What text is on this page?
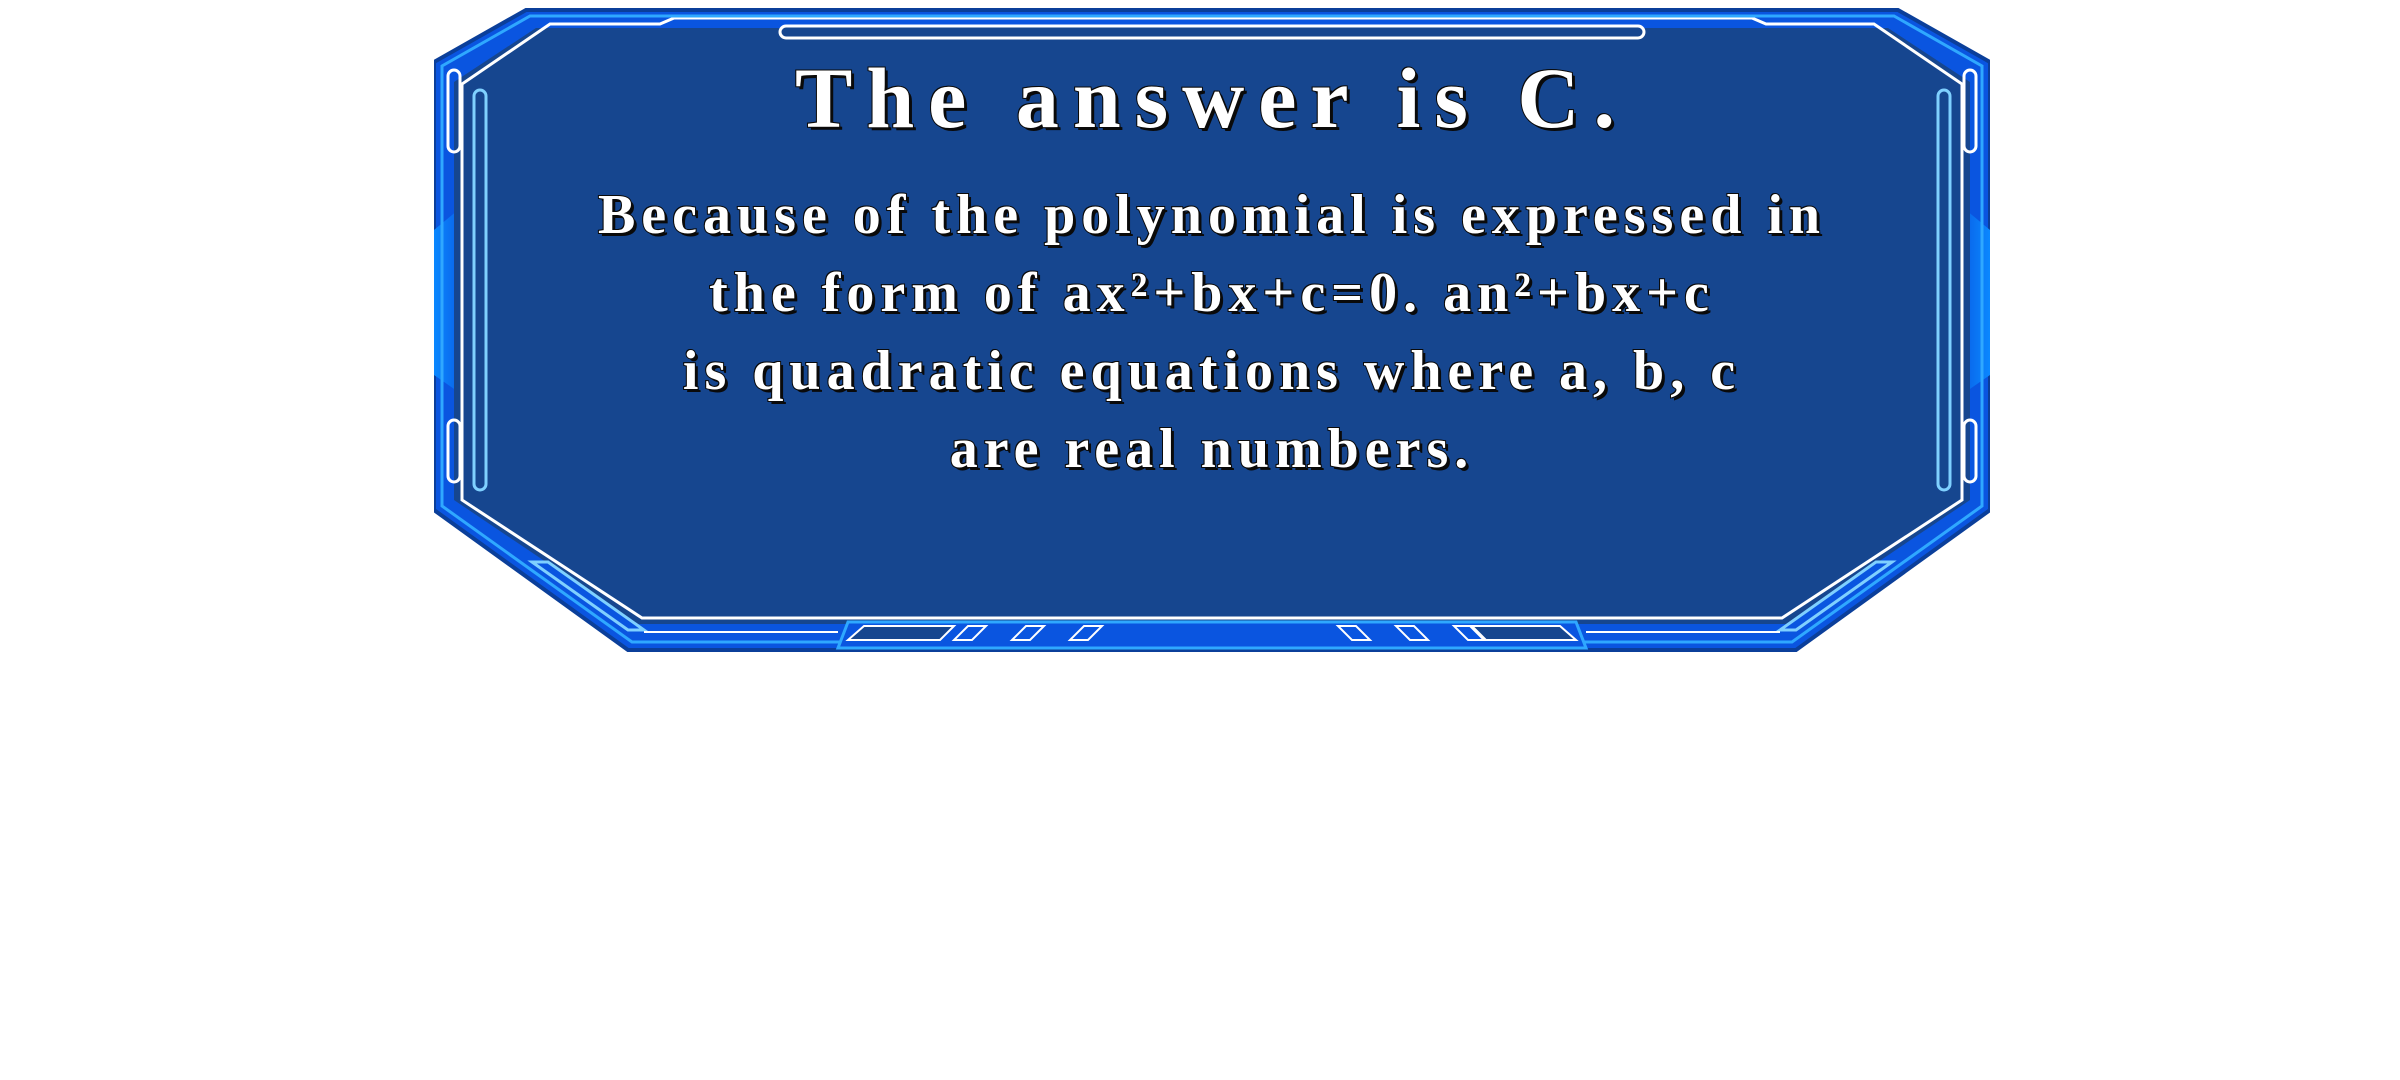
The answer is C.

Because of the polynomial is expressed in
the form of ax²+bx+c=0. an²+bx+c
is quadratic equations where a, b, c
are real numbers.
